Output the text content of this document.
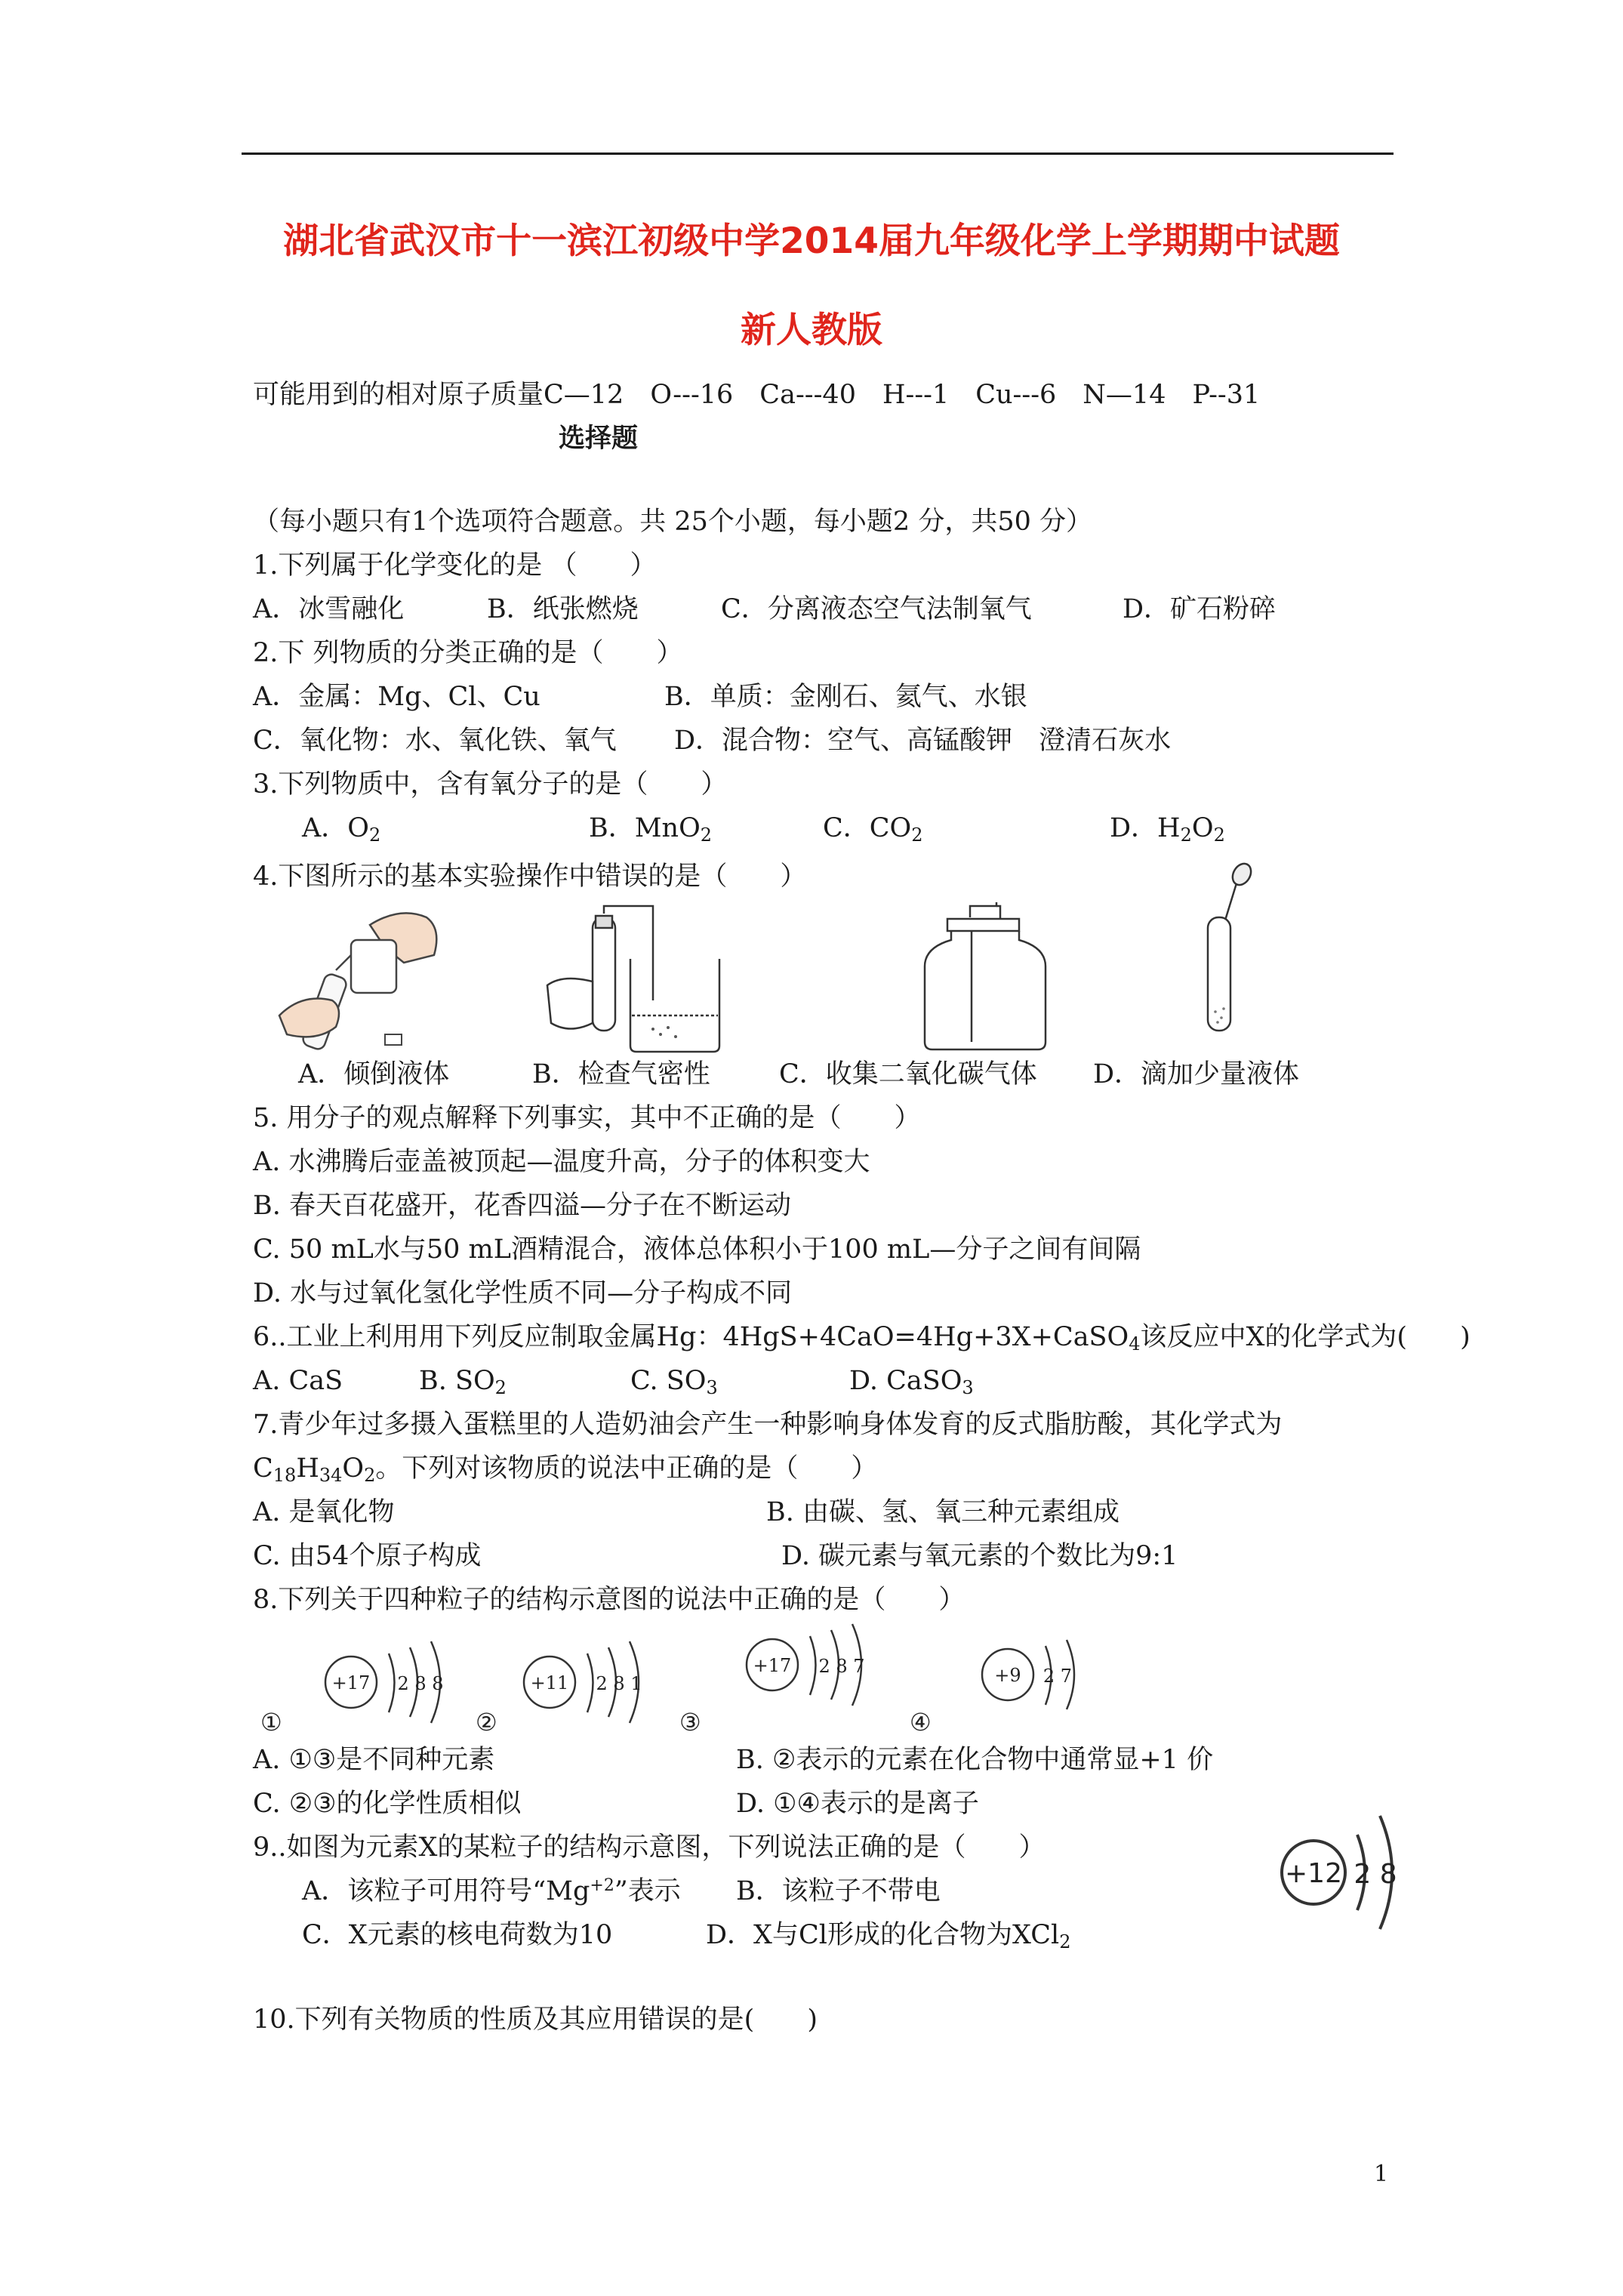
湖北省武汉市十一滨江初级中学2014届九年级化学上学期期中试题
新人教版
可能用到的相对原子质量C—12　O---16　Ca---40　H---1　Cu---6　N—14　P--31
选择题
（每小题只有1个选项符合题意。共 25个小题，每小题2 分，共50 分）
1.下列属于化学变化的是 （　　）
A．冰雪融化	B．纸张燃烧	C．分离液态空气法制氧气	D．矿石粉碎
2.下 列物质的分类正确的是（　　）
A．金属：Mg、Cl、Cu	B．单质：金刚石、氦气、水银
C．氧化物：水、氧化铁、氧气 D．混合物：空气、高锰酸钾　澄清石灰水
3.下列物质中，含有氧分子的是（　　）
A．$O_2$	B．MnO$_2$	C．$CO_2$	D．$H_2O_2$
4.下图所示的基本实验操作中错误的是（　　）
A．倾倒液体	B．检查气密性	C．收集二氧化碳气体 D．滴加少量液体
5. 用分子的观点解释下列事实，其中不正确的是（　　）
A. 水沸腾后壶盖被顶起—温度升高，分子的体积变大
B. 春天百花盛开，花香四溢—分子在不断运动
C. 50 mL水与50 mL酒精混合，液体总体积小于100 mL—分子之间有间隔
D. 水与过氧化氢化学性质不同—分子构成不同
6..工业上利用用下列反应制取金属Hg：4HgS+4CaO=4Hg+3X+CaSO$_4$该反应中X的化学式为(　　)
A. CaS	B. $SO_2$	C. $SO_3$	D. CaSO$_3$
7.青少年过多摄入蛋糕里的人造奶油会产生一种影响身体发育的反式脂肪酸，其化学式为
$C_{18}H_{34}O_2$。下列对该物质的说法中正确的是（　　）
A. 是氧化物	B. 由碳、氢、氧三种元素组成
C. 由54个原子构成	D. 碳元素与氧元素的个数比为9:1
8.下列关于四种粒子的结构示意图的说法中正确的是（　　）
+17 2 8 8
①
+11 2 8 1
②
+17 2 8 7
③
+9 2 7
④
A. ①③是不同种元素	B. ②表示的元素在化合物中通常显+1 价
C. ②③的化学性质相似	D. ①④表示的是离子
9..如图为元素X的某粒子的结构示意图，下列说法正确的是（　　）
A．该粒子可用符号“$Mg^{+2}$”表示 B．该粒子不带电
C．X元素的核电荷数为10	D．X与Cl形成的化合物为XCl$_2$
+12 2 8
10.下列有关物质的性质及其应用错误的是(　　)
1
